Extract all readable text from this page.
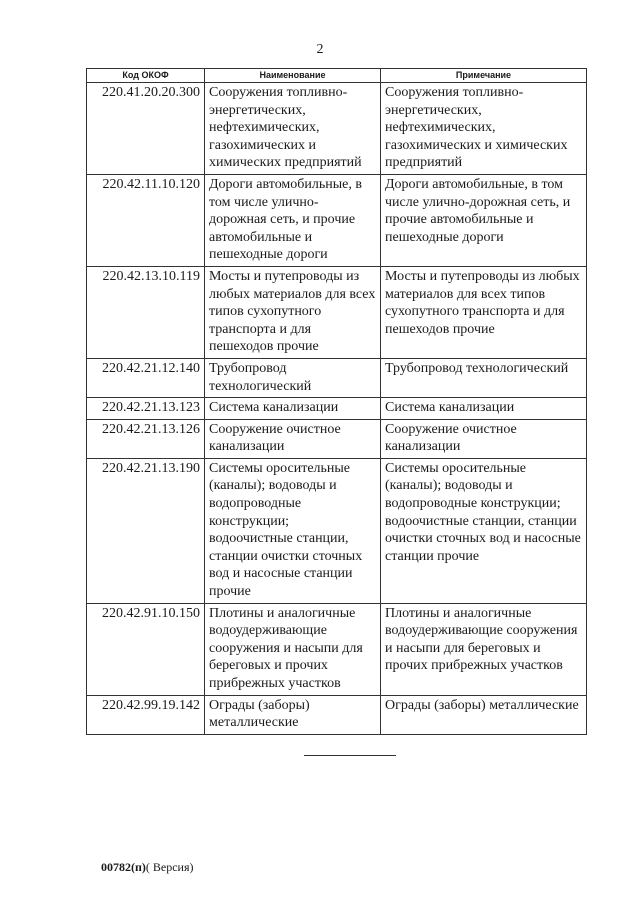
2
Код ОКОФ	Наименование	Примечание
220.41.20.20.300	Сооружения топливно-энергетических, нефтехимических, газохимических и химических предприятий	Сооружения топливно-энергетических, нефтехимических, газохимических и химических предприятий
220.42.11.10.120	Дороги автомобильные, в том числе улично-дорожная сеть, и прочие автомобильные и пешеходные дороги	Дороги автомобильные, в том числе улично-дорожная сеть, и прочие автомобильные и пешеходные дороги
220.42.13.10.119	Мосты и путепроводы из любых материалов для всех типов сухопутного транспорта и для пешеходов прочие	Мосты и путепроводы из любых материалов для всех типов сухопутного транспорта и для пешеходов прочие
220.42.21.12.140	Трубопровод технологический	Трубопровод технологический
220.42.21.13.123	Система канализации	Система канализации
220.42.21.13.126	Сооружение очистное канализации	Сооружение очистное канализации
220.42.21.13.190	Системы оросительные (каналы); водоводы и водопроводные конструкции; водоочистные станции, станции очистки сточных вод и насосные станции прочие	Системы оросительные (каналы); водоводы и водопроводные конструкции; водоочистные станции, станции очистки сточных вод и насосные станции прочие
220.42.91.10.150	Плотины и аналогичные водоудерживающие сооружения и насыпи для береговых и прочих прибрежных участков	Плотины и аналогичные водоудерживающие сооружения и насыпи для береговых и прочих прибрежных участков
220.42.99.19.142	Ограды (заборы) металлические	Ограды (заборы) металлические
00782(п)( Версия)
